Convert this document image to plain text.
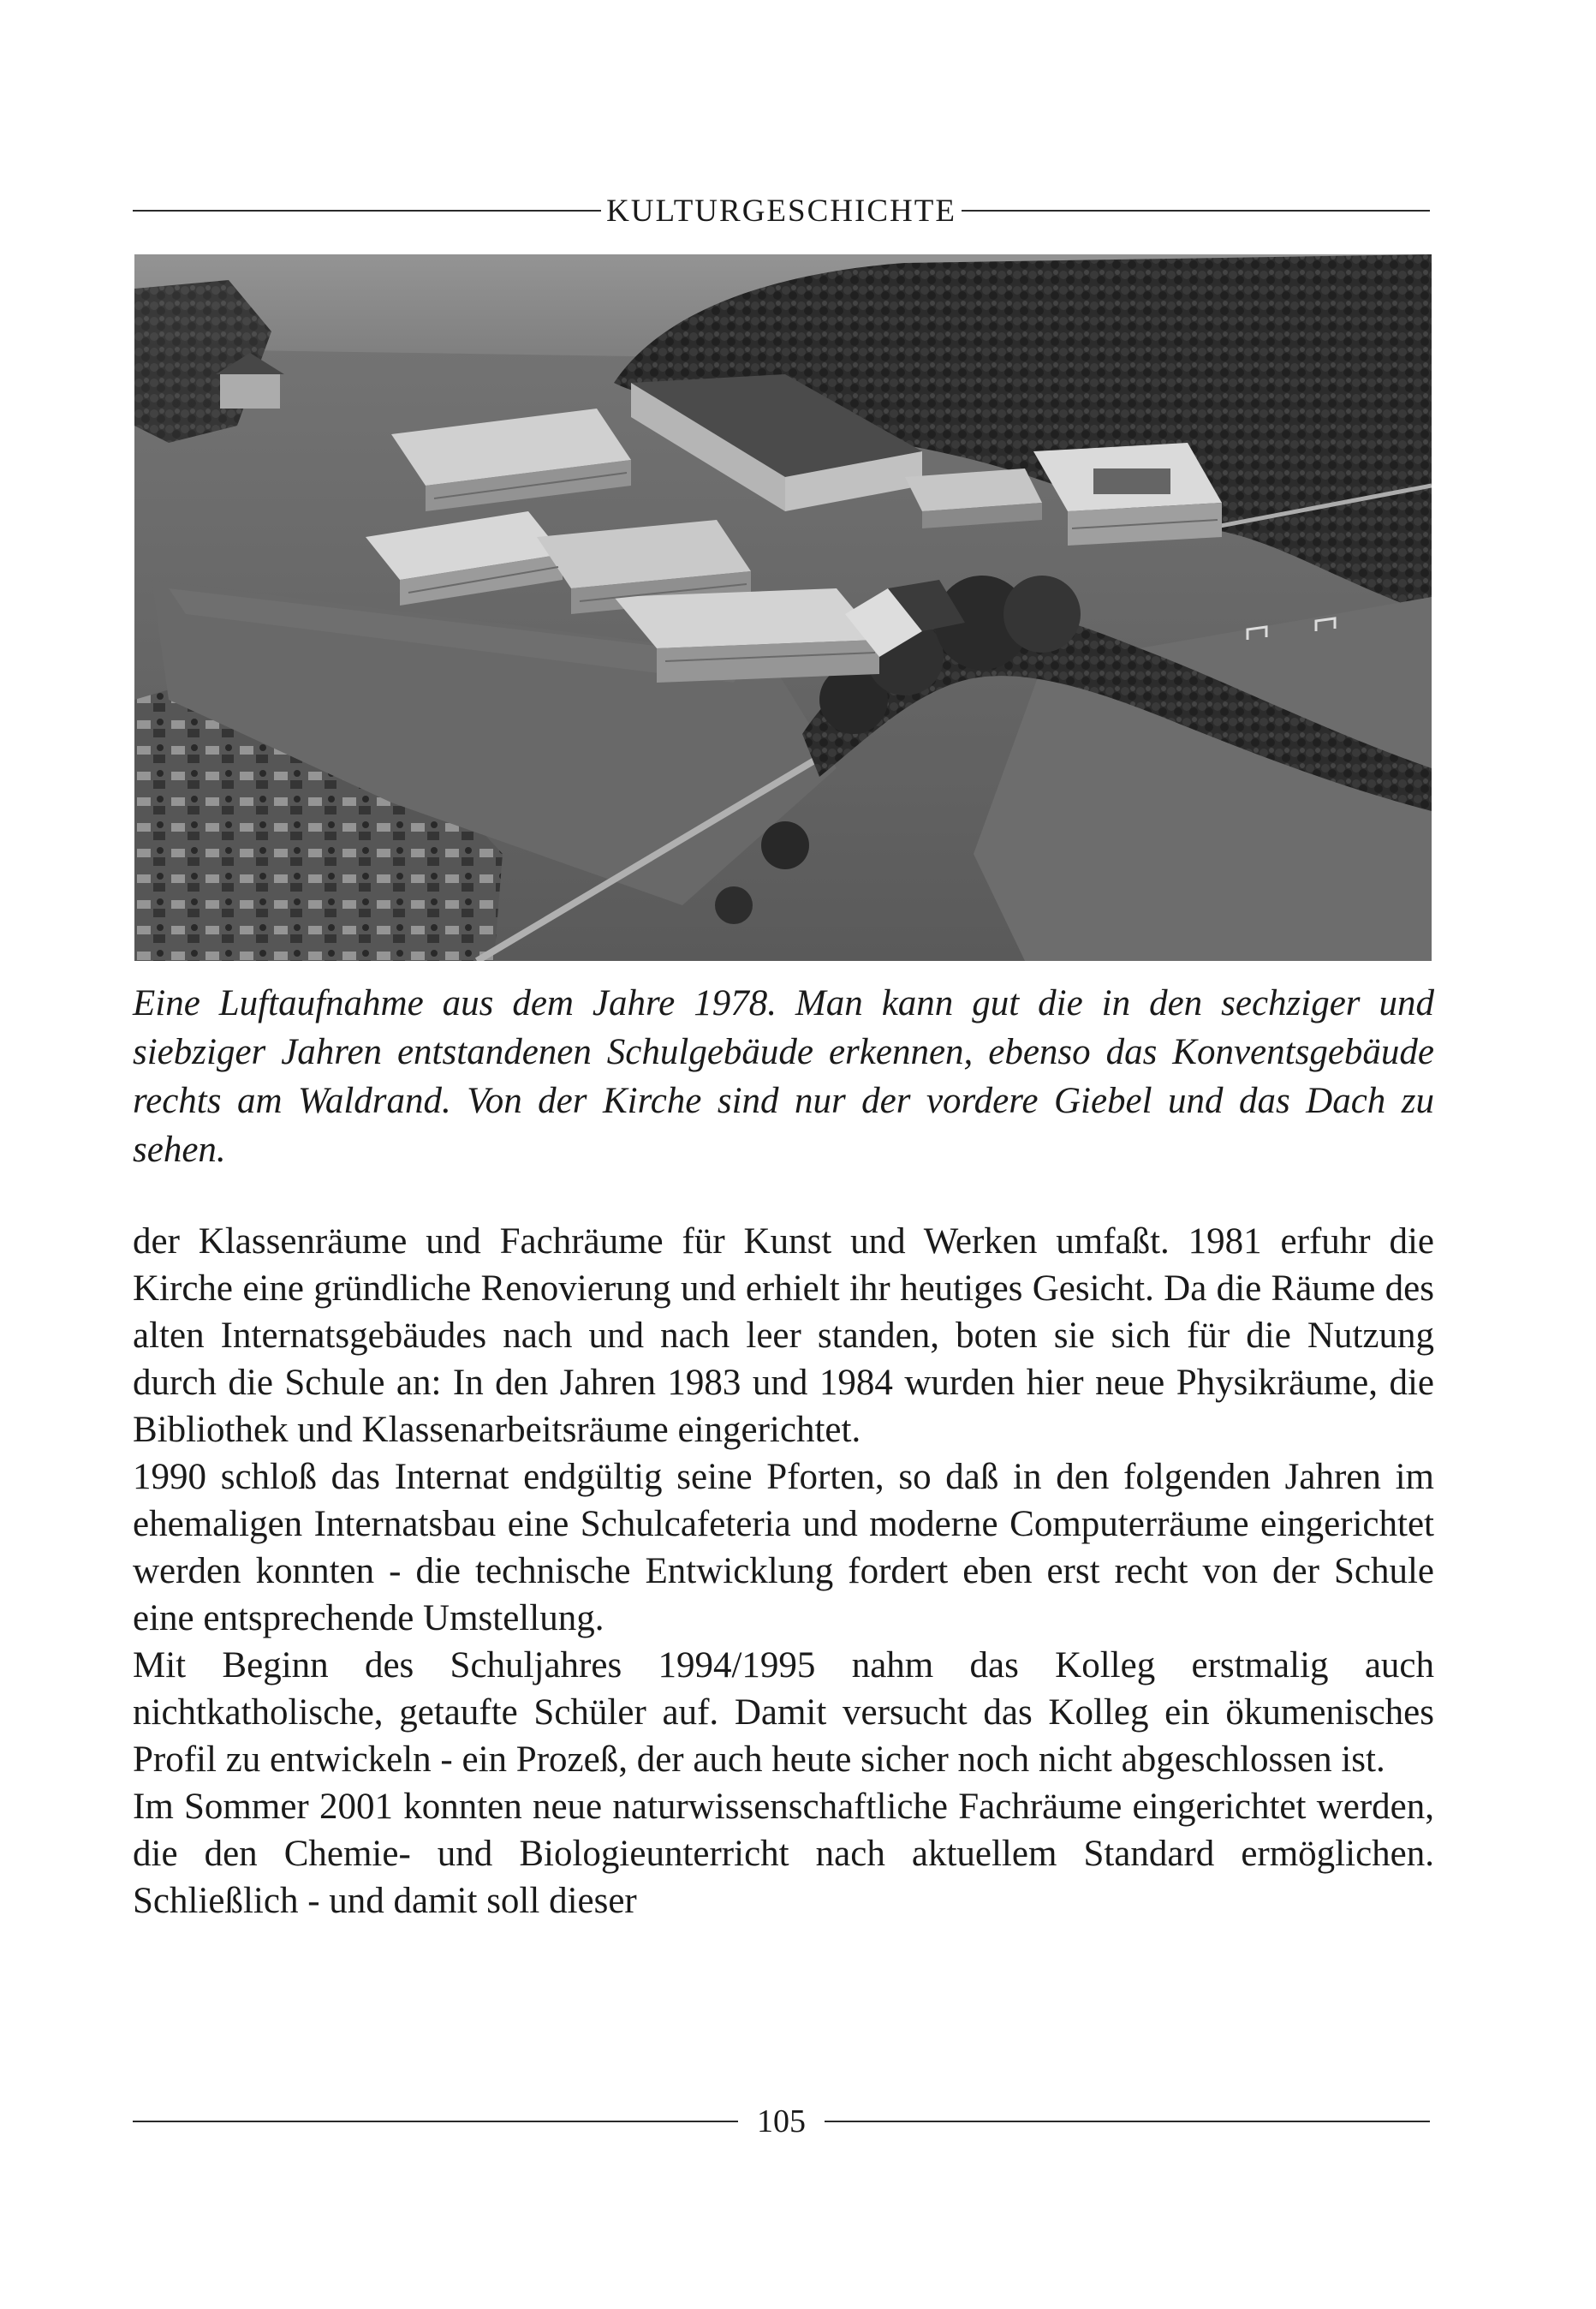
KULTURGESCHICHTE
Eine Luftaufnahme aus dem Jahre 1978. Man kann gut die in den sechziger und siebziger Jahren entstandenen Schulgebäude erkennen, ebenso das Konventsgebäude rechts am Waldrand. Von der Kirche sind nur der vordere Giebel und das Dach zu sehen.

der Klassenräume und Fachräume für Kunst und Werken umfaßt. 1981 erfuhr die Kirche eine gründliche Renovierung und erhielt ihr heutiges Gesicht. Da die Räume des alten Internatsgebäudes nach und nach leer standen, boten sie sich für die Nutzung durch die Schule an: In den Jahren 1983 und 1984 wurden hier neue Physikräume, die Bibliothek und Klassenarbeitsräume eingerichtet.

1990 schloß das Internat endgültig seine Pforten, so daß in den folgenden Jahren im ehemaligen Internatsbau eine Schulcafeteria und moderne Computerräume eingerichtet werden konnten - die technische Entwicklung fordert eben erst recht von der Schule eine entsprechende Umstellung.

Mit Beginn des Schuljahres 1994/1995 nahm das Kolleg erstmalig auch nichtkatholische, getaufte Schüler auf. Damit versucht das Kolleg ein ökumenisches Profil zu entwickeln - ein Prozeß, der auch heute sicher noch nicht abgeschlossen ist.

Im Sommer 2001 konnten neue naturwissenschaftliche Fachräume eingerichtet werden, die den Chemie- und Biologieunterricht nach aktuellem Standard ermöglichen. Schließlich - und damit soll dieser

105
